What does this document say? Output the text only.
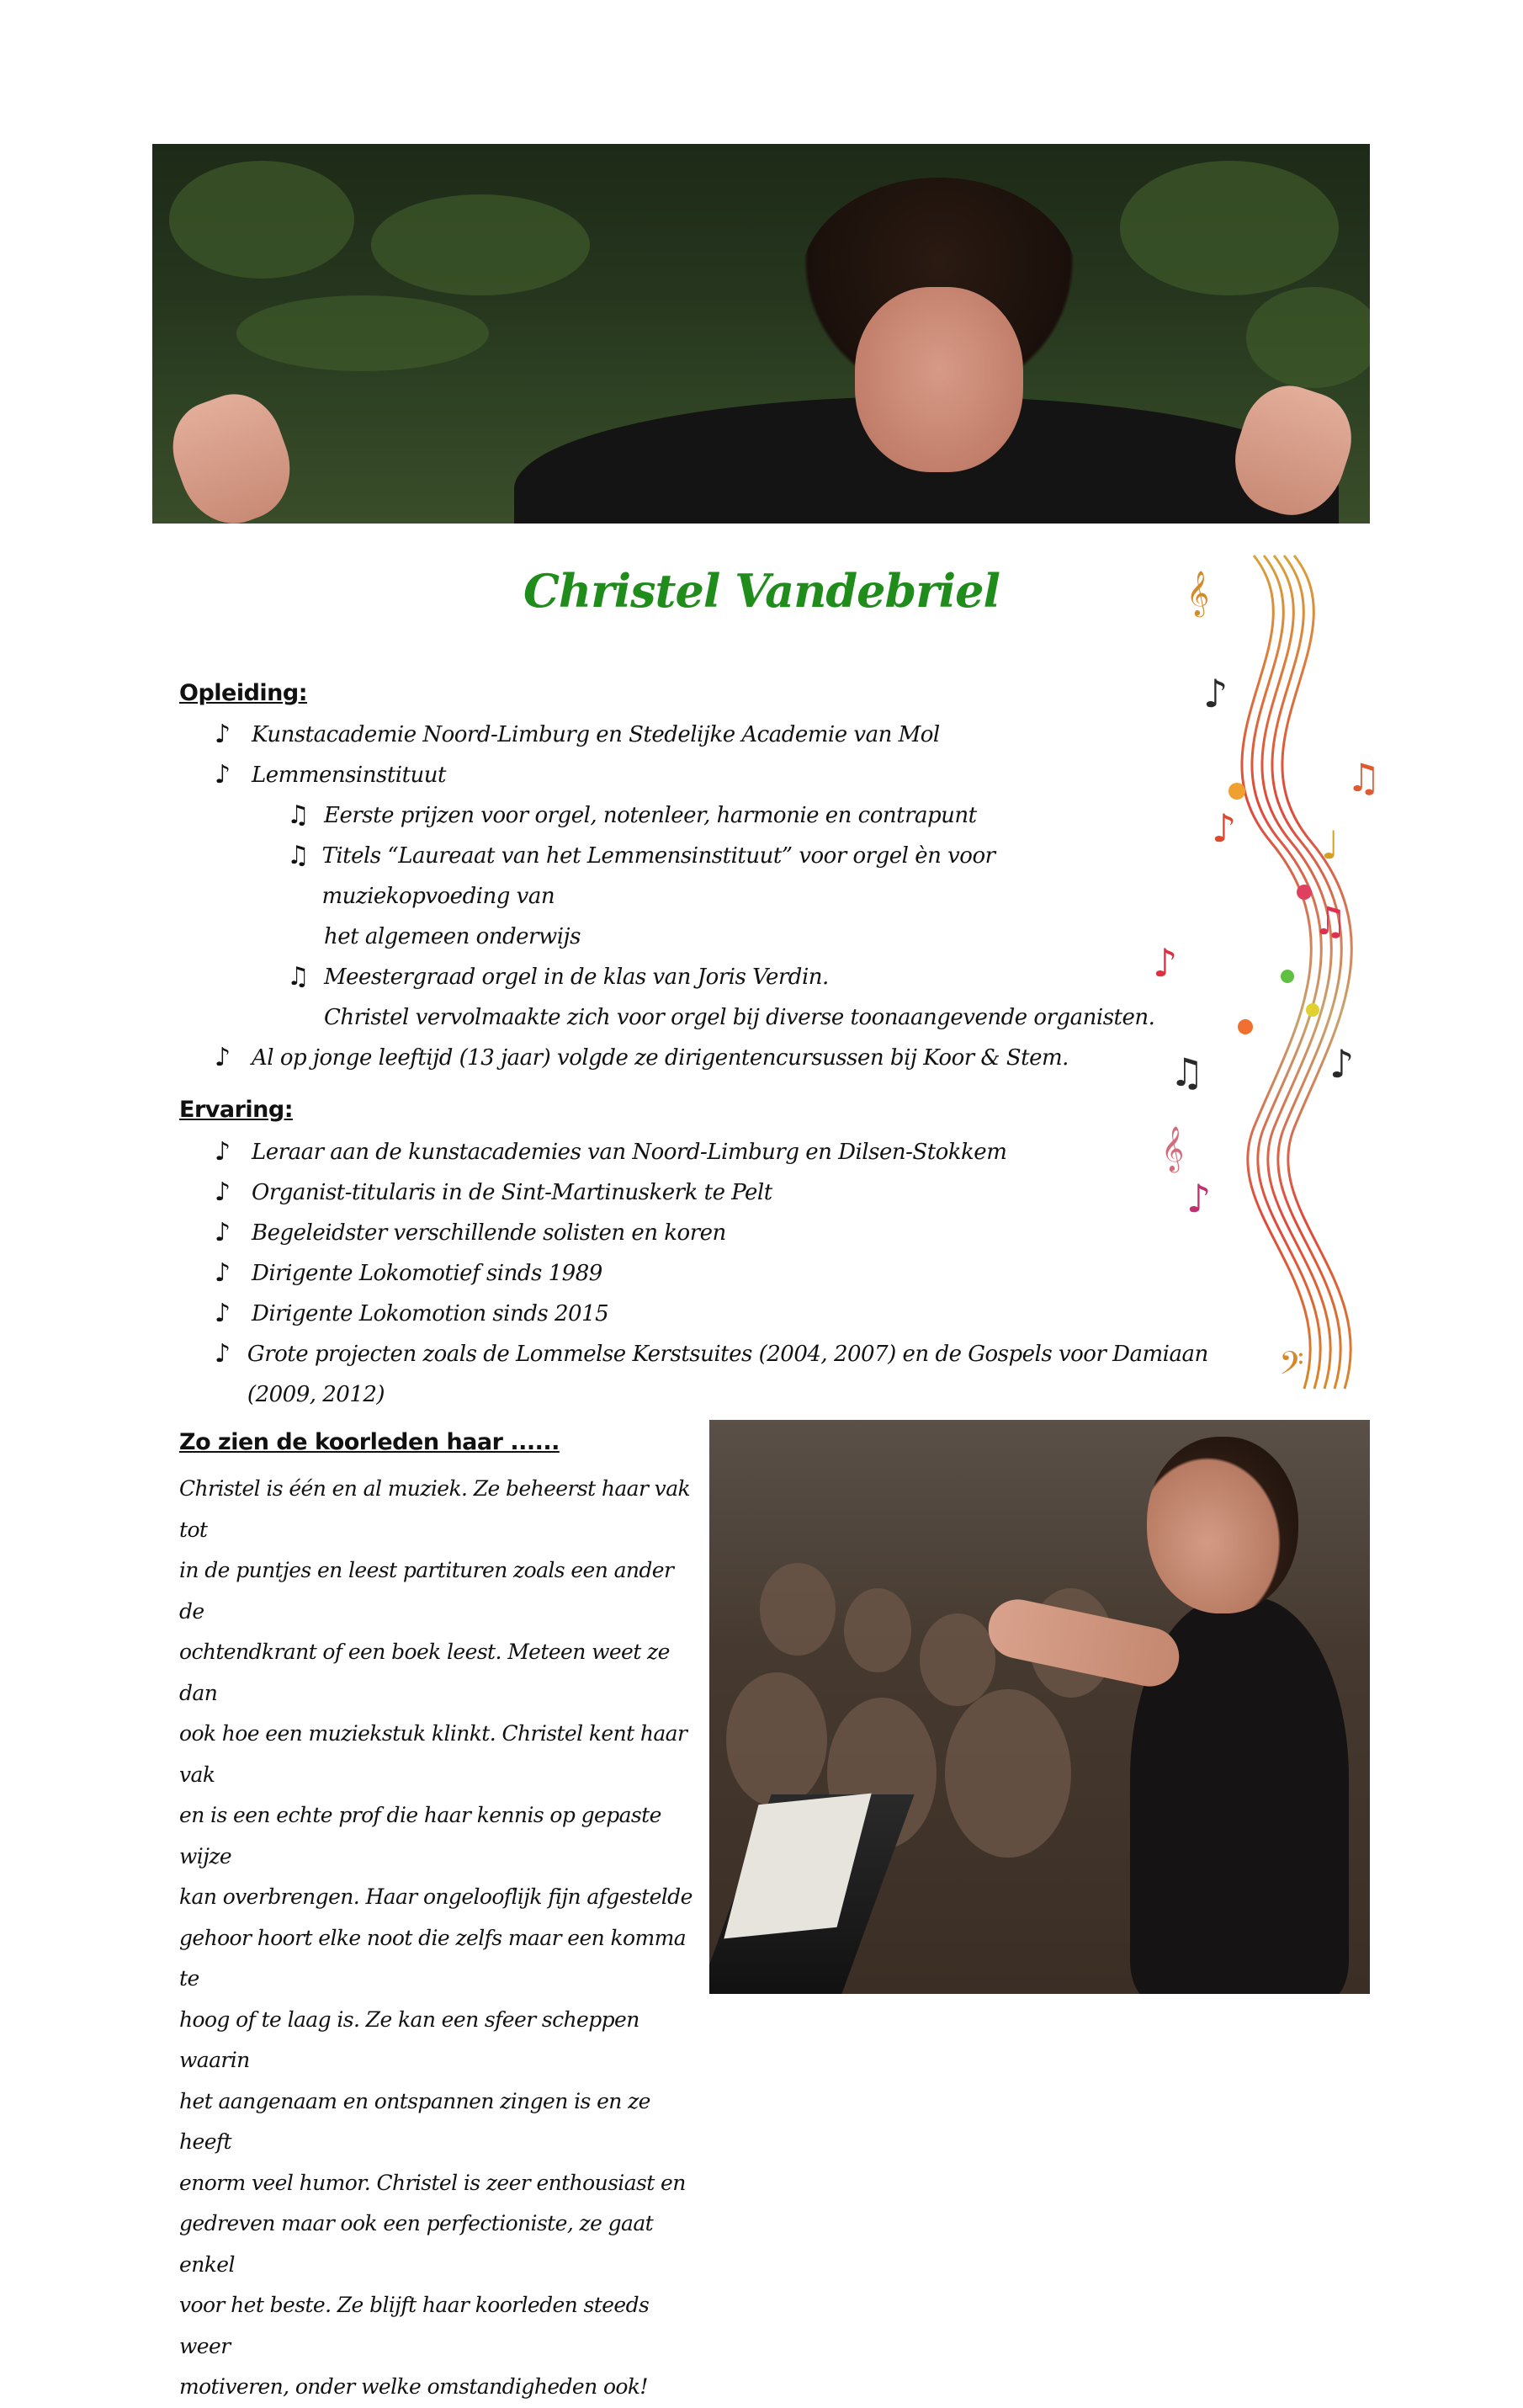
Christel Vandebriel
Opleiding:
♪ Kunstacademie Noord-Limburg en Stedelijke Academie van Mol
♪ Lemmensinstituut
♫ Eerste prijzen voor orgel, notenleer, harmonie en contrapunt
♫ Titels “Laureaat van het Lemmensinstituut” voor orgel èn voor muziekopvoeding van
het algemeen onderwijs
♫ Meestergraad orgel in de klas van Joris Verdin.
Christel vervolmaakte zich voor orgel bij diverse toonaangevende organisten.
♪ Al op jonge leeftijd (13 jaar) volgde ze dirigentencursussen bij Koor & Stem.
Ervaring:
♪ Leraar aan de kunstacademies van Noord-Limburg en Dilsen-Stokkem
♪ Organist-titularis in de Sint-Martinuskerk te Pelt
♪ Begeleidster verschillende solisten en koren
♪ Dirigente Lokomotief sinds 1989
♪ Dirigente Lokomotion sinds 2015
♪ Grote projecten zoals de Lommelse Kerstsuites (2004, 2007) en de Gospels voor Damiaan (2009, 2012)
𝄞
♪
♫
♪ ♩
♪
♫
♫	♪
𝄞
♪
𝄢
Zo zien de koorleden haar ......
Christel is één en al muziek. Ze beheerst haar vak tot
in de puntjes en leest partituren zoals een ander de
ochtendkrant of een boek leest. Meteen weet ze dan
ook hoe een muziekstuk klinkt. Christel kent haar vak
en is een echte prof die haar kennis op gepaste wijze
kan overbrengen. Haar ongelooflijk fijn afgestelde
gehoor hoort elke noot die zelfs maar een komma te
hoog of te laag is. Ze kan een sfeer scheppen waarin
het aangenaam en ontspannen zingen is en ze heeft
enorm veel humor. Christel is zeer enthousiast en
gedreven maar ook een perfectioniste, ze gaat enkel
voor het beste. Ze blijft haar koorleden steeds weer
motiveren, onder welke omstandigheden ook!
